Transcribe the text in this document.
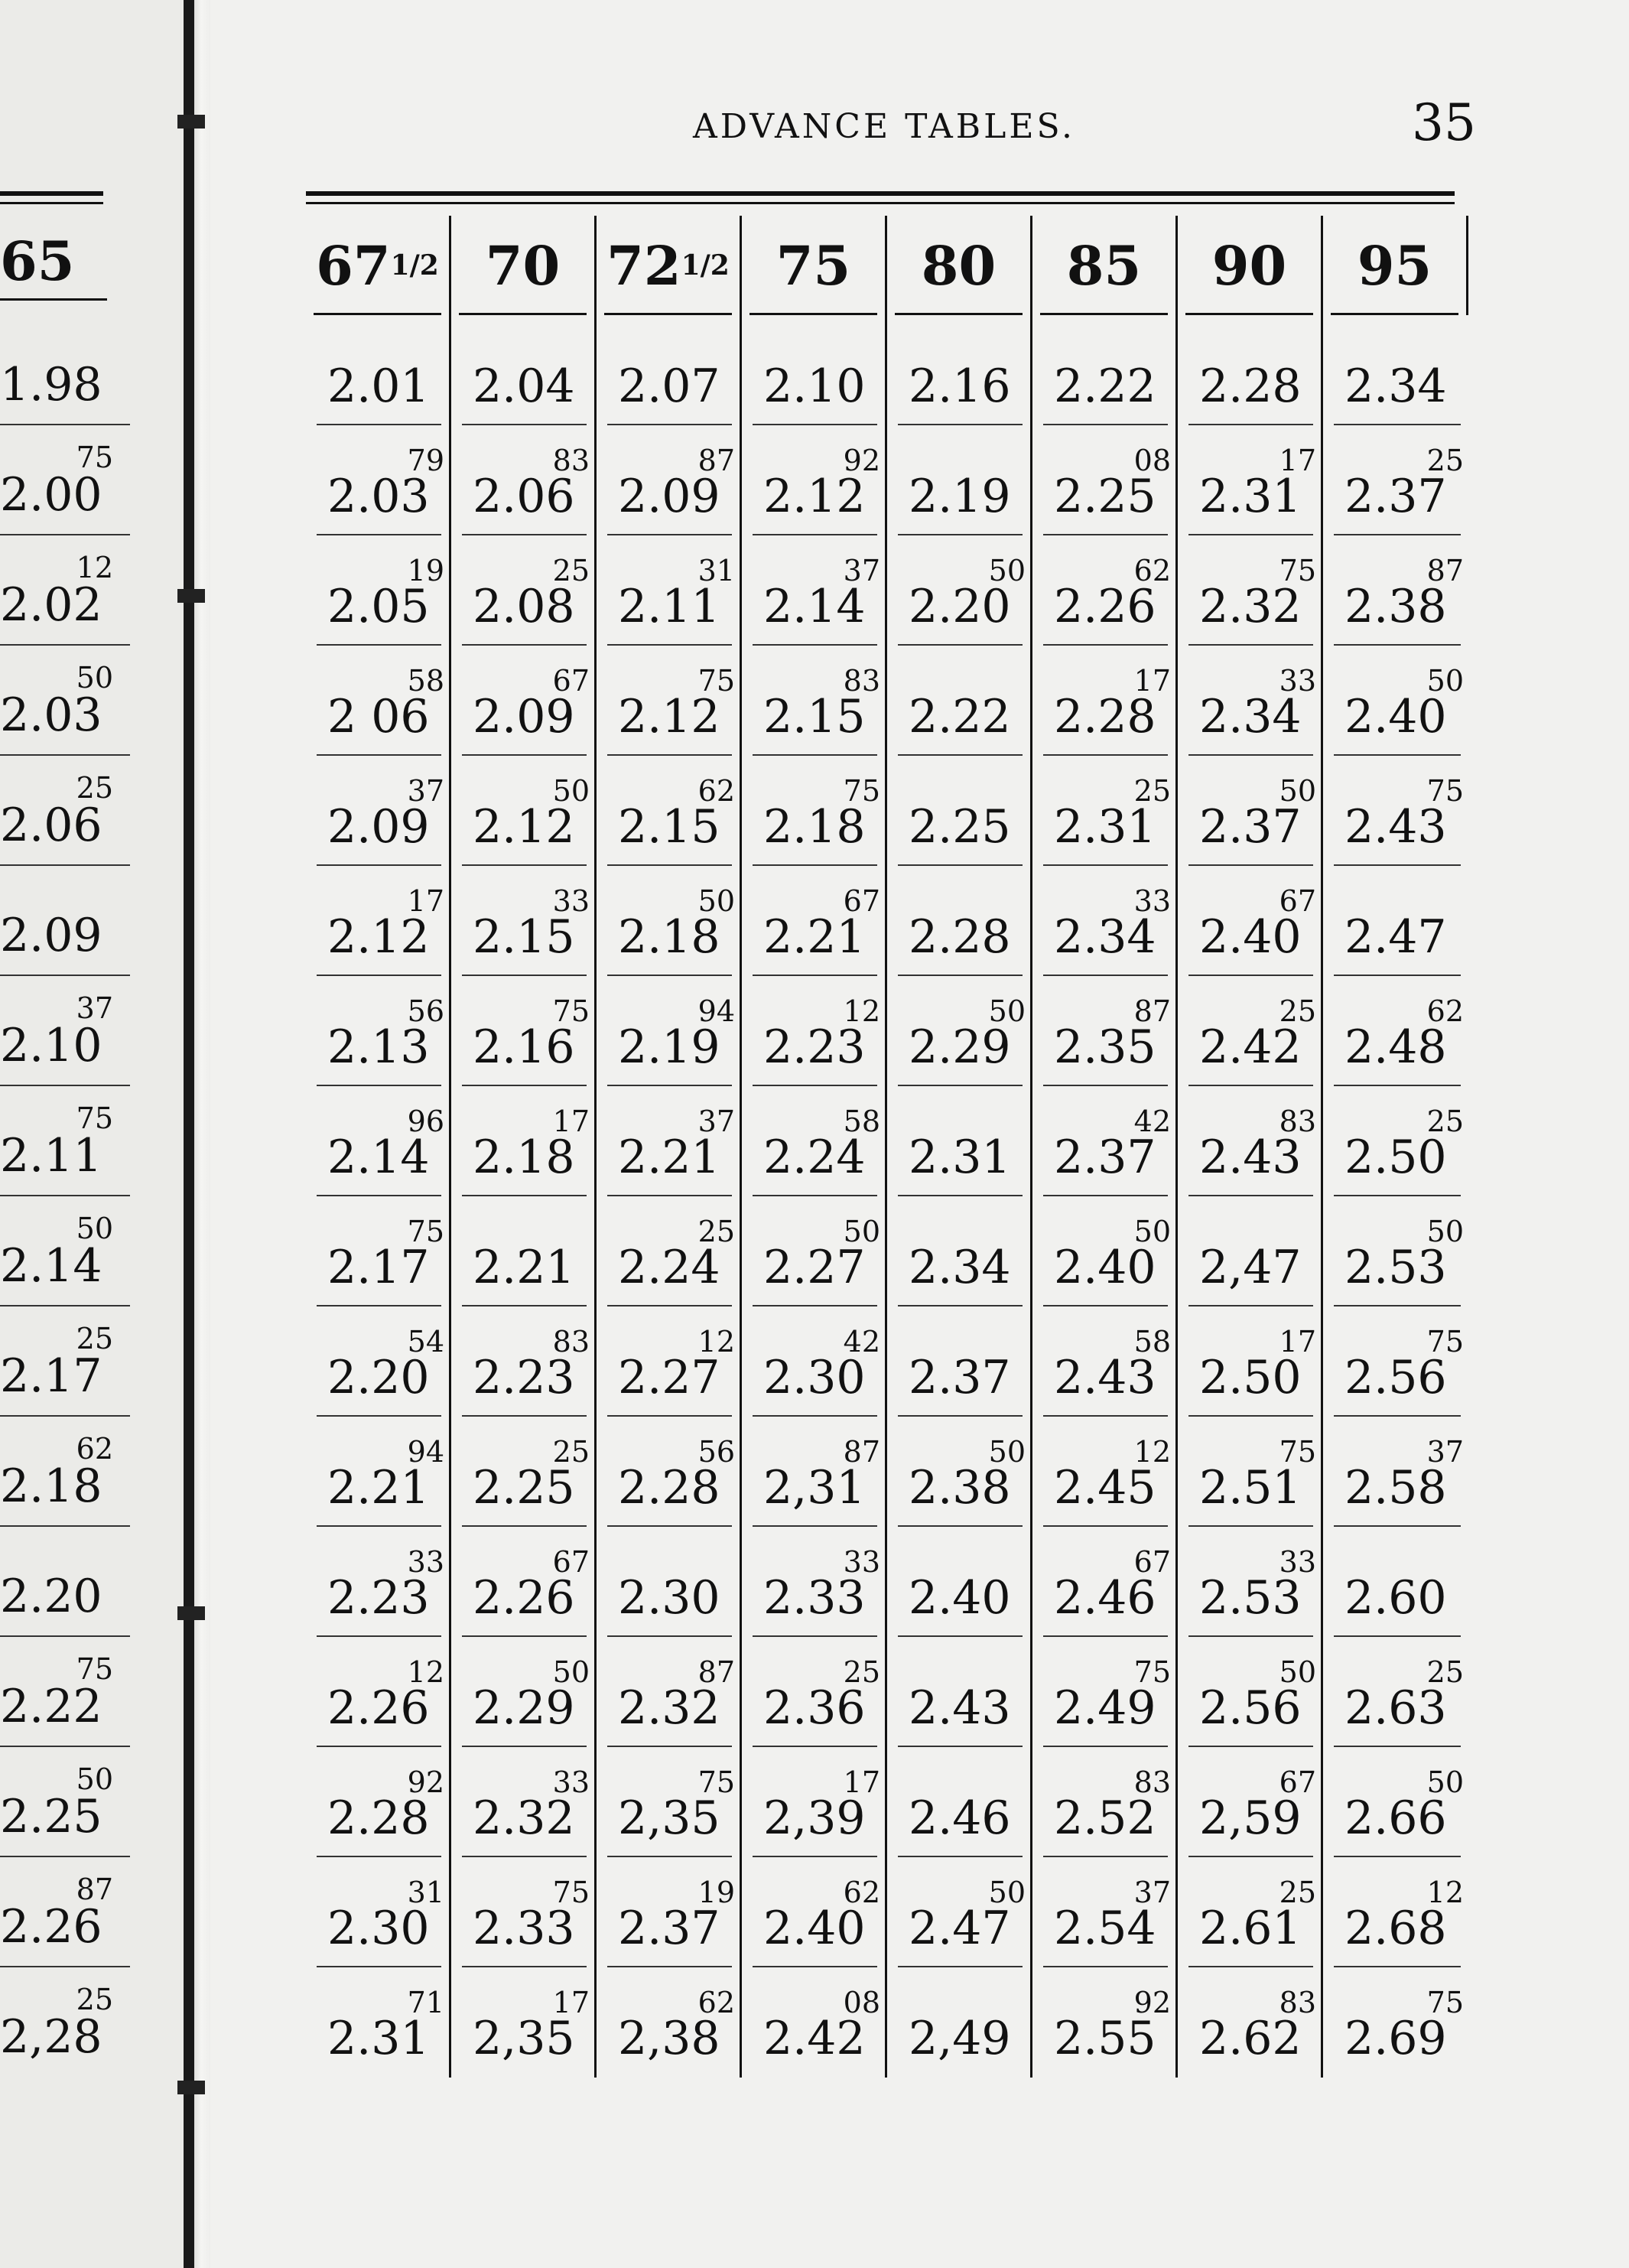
65
1.98
75
2.00
12
2.02
50
2.03
25
2.06
2.09
37
2.10
75
2.11
50
2.14
25
2.17
62
2.18
2.20
75
2.22
50
2.25
87
2.26
25
2,28
ADVANCE TABLES.	35
67 1/2 70 72 1/2 75 80 85 90 95
2.01 2.04 2.07 2.10 2.16 2.22 2.28 2.34
79
2.03
83
2.06
87
2.09
92
2.12 2.19
08
2.25
17
2.31
25
2.37
19
2.05
25
2.08
31
2.11
37
2.14
50
2.20
62
2.26
75
2.32
87
2.38
58
2 06
67
2.09
75
2.12
83
2.15 2.22
17
2.28
33
2.34
50
2.40
37
2.09
50
2.12
62
2.15
75
2.18 2.25
25
2.31
50
2.37
75
2.43
17
2.12
33
2.15
50
2.18
67
2.21 2.28
33
2.34
67
2.40 2.47
56
2.13
75
2.16
94
2.19
12
2.23
50
2.29
87
2.35
25
2.42
62
2.48
96
2.14
17
2.18
37
2.21
58
2.24 2.31
42
2.37
83
2.43
25
2.50
75
2.17 2.21
25
2.24
50
2.27 2.34
50
2.40 2,47
50
2.53
54
2.20
83
2.23
12
2.27
42
2.30 2.37
58
2.43
17
2.50
75
2.56
94
2.21
25
2.25
56
2.28
87
2,31
50
2.38
12
2.45
75
2.51
37
2.58
33
2.23
67
2.26 2.30
33
2.33 2.40
67
2.46
33
2.53 2.60
12
2.26
50
2.29
87
2.32
25
2.36 2.43
75
2.49
50
2.56
25
2.63
92
2.28
33
2.32
75
2,35
17
2,39 2.46
83
2.52
67
2,59
50
2.66
31
2.30
75
2.33
19
2.37
62
2.40
50
2.47
37
2.54
25
2.61
12
2.68
71
2.31
17
2,35
62
2,38
08
2.42 2,49
92
2.55
83
2.62
75
2.69
